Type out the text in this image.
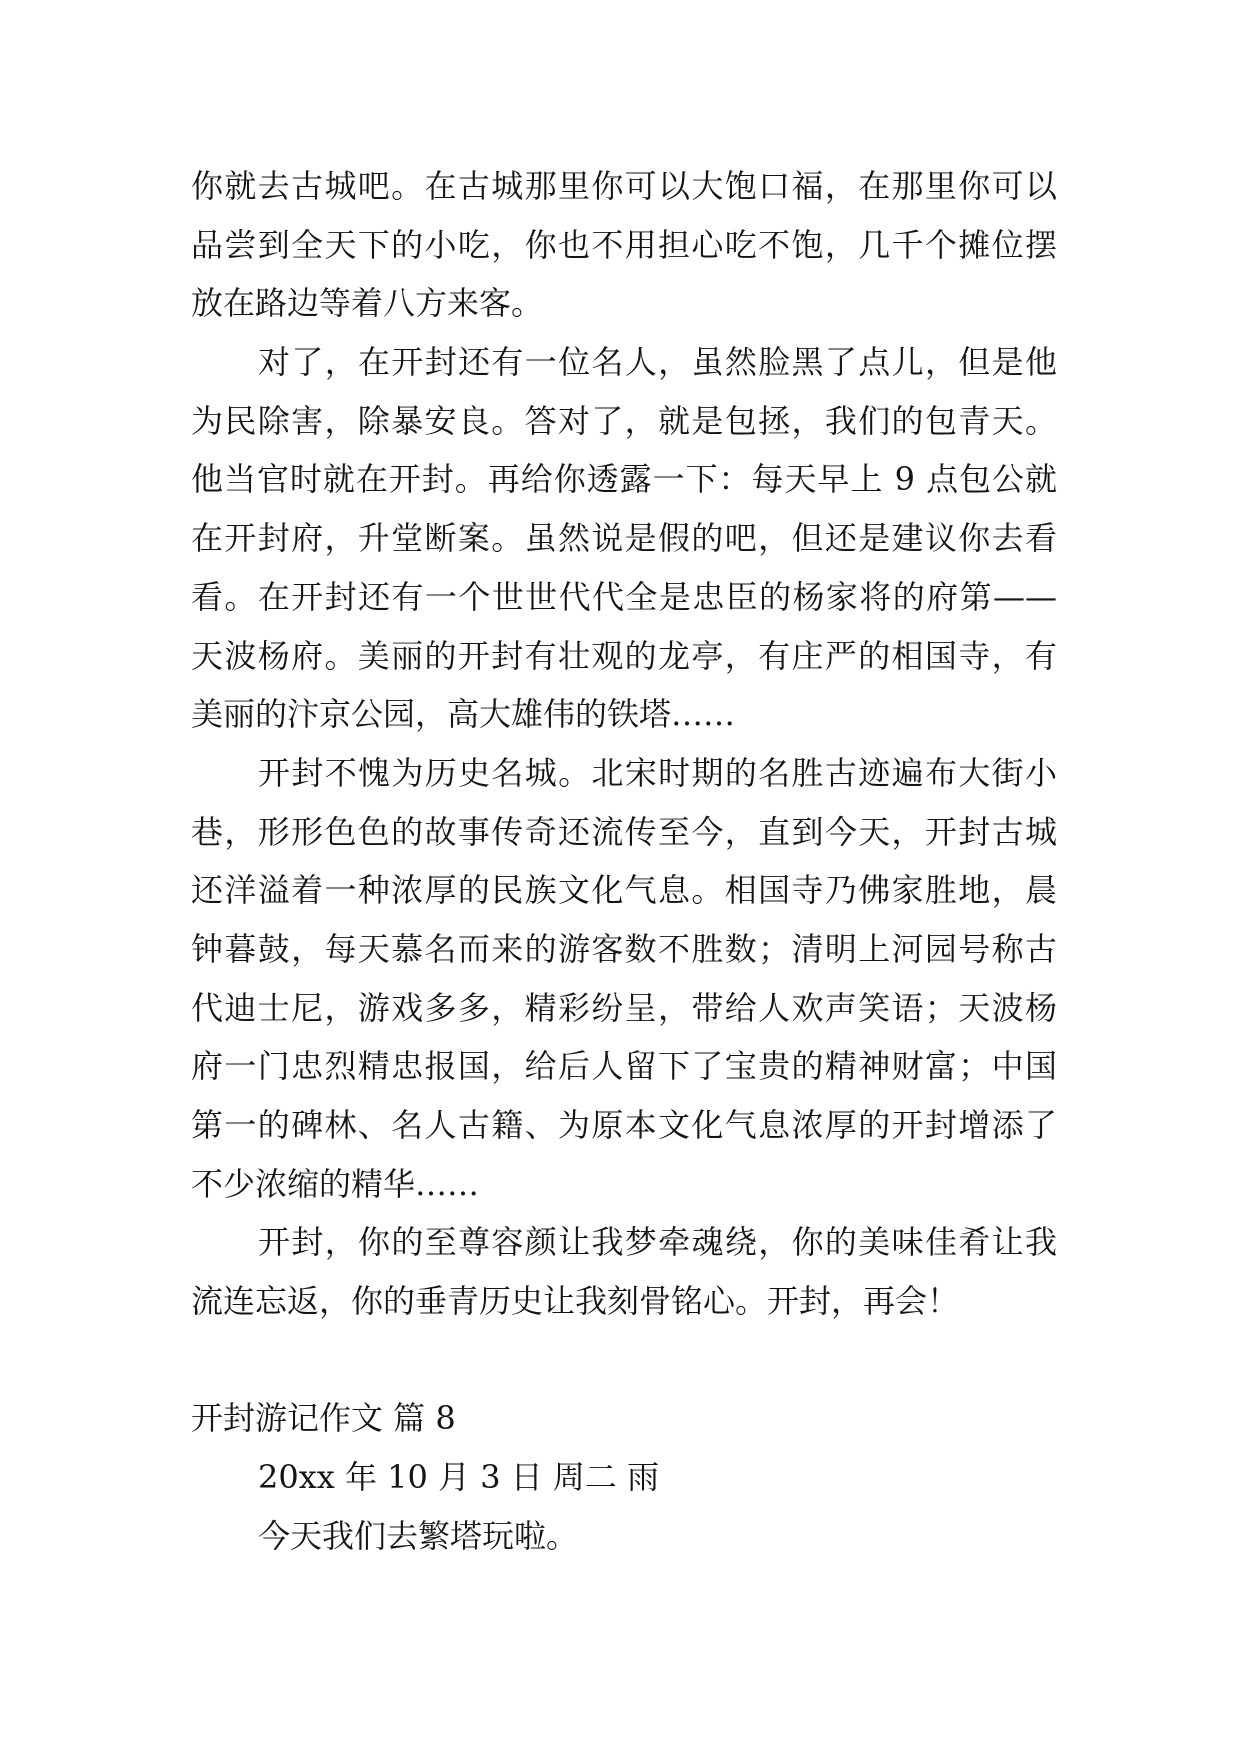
你就去古城吧。在古城那里你可以大饱口福，在那里你可以
品尝到全天下的小吃，你也不用担心吃不饱，几千个摊位摆
放在路边等着八方来客。
对了，在开封还有一位名人，虽然脸黑了点儿，但是他
为民除害，除暴安良。答对了，就是包拯，我们的包青天。
他当官时就在开封。再给你透露一下：每天早上 9 点包公就
在开封府，升堂断案。虽然说是假的吧，但还是建议你去看
看。在开封还有一个世世代代全是忠臣的杨家将的府第——
天波杨府。美丽的开封有壮观的龙亭，有庄严的相国寺，有
美丽的汴京公园，高大雄伟的铁塔……
开封不愧为历史名城。北宋时期的名胜古迹遍布大街小
巷，形形色色的故事传奇还流传至今，直到今天，开封古城
还洋溢着一种浓厚的民族文化气息。相国寺乃佛家胜地，晨
钟暮鼓，每天慕名而来的游客数不胜数；清明上河园号称古
代迪士尼，游戏多多，精彩纷呈，带给人欢声笑语；天波杨
府一门忠烈精忠报国，给后人留下了宝贵的精神财富；中国
第一的碑林、名人古籍、为原本文化气息浓厚的开封增添了
不少浓缩的精华……
开封，你的至尊容颜让我梦牵魂绕，你的美味佳肴让我
流连忘返，你的垂青历史让我刻骨铭心。开封，再会！
开封游记作文 篇 8
20xx 年 10 月 3 日 周二 雨
今天我们去繁塔玩啦。
